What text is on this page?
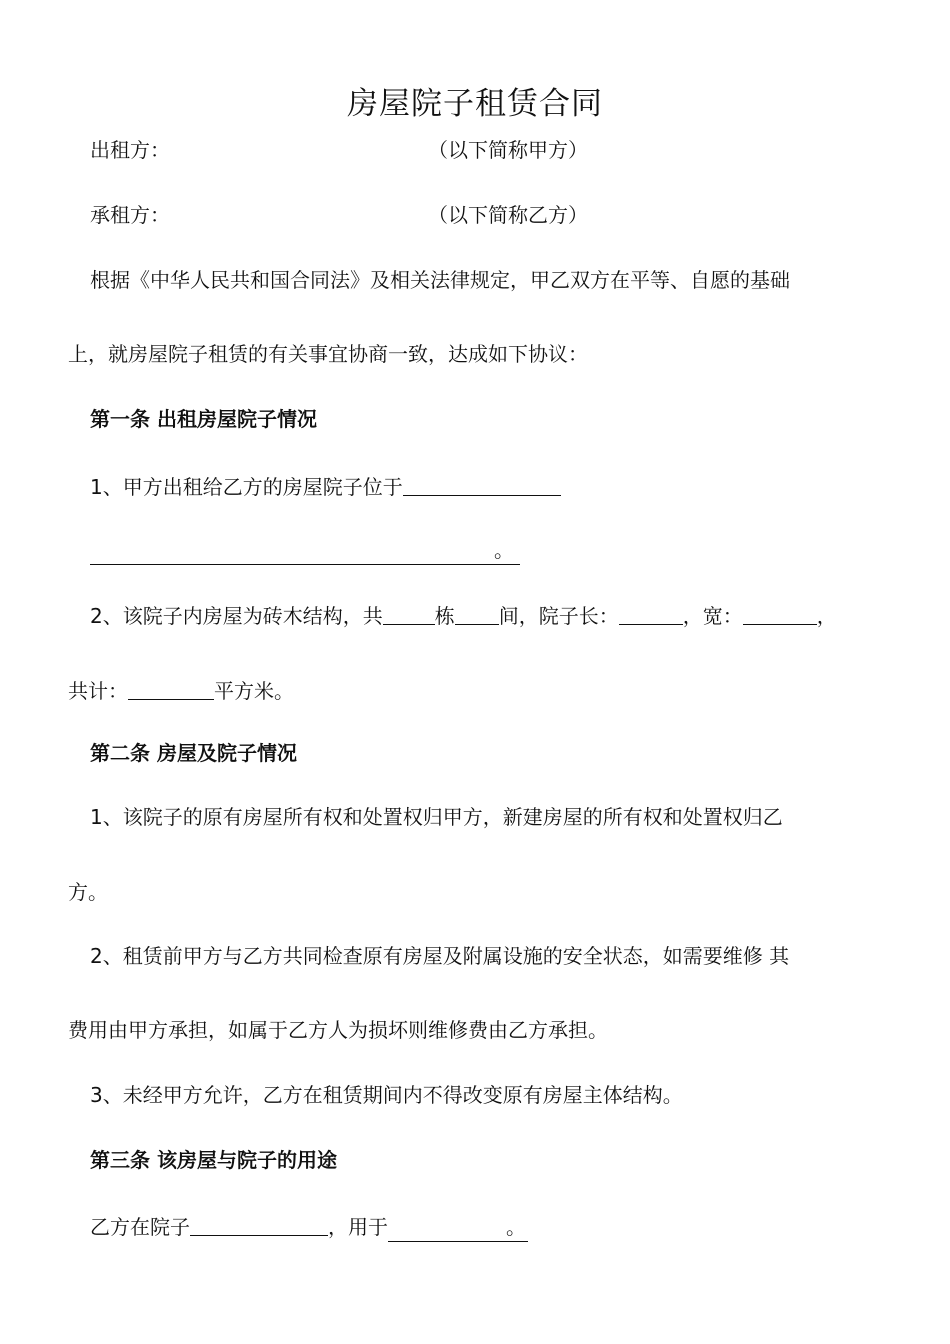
房屋院子租赁合同

出租方：	（以下简称甲方）

承租方：	（以下简称乙方）

根据《中华人民共和国合同法》及相关法律规定，甲乙双方在平等、自愿的基础

上，就房屋院子租赁的有关事宜协商一致，达成如下协议：

第一条 出租房屋院子情况

1、甲方出租给乙方的房屋院子位于

。

2、该院子内房屋为砖木结构，共	栋 间，院子长：	，宽：	，

共计：	平方米。

第二条 房屋及院子情况

1、该院子的原有房屋所有权和处置权归甲方，新建房屋的所有权和处置权归乙

方。

2、租赁前甲方与乙方共同检查原有房屋及附属设施的安全状态，如需要维修 其

费用由甲方承担，如属于乙方人为损坏则维修费由乙方承担。

3、未经甲方允许，乙方在租赁期间内不得改变原有房屋主体结构。

第三条 该房屋与院子的用途

乙方在院子	，用于	。
